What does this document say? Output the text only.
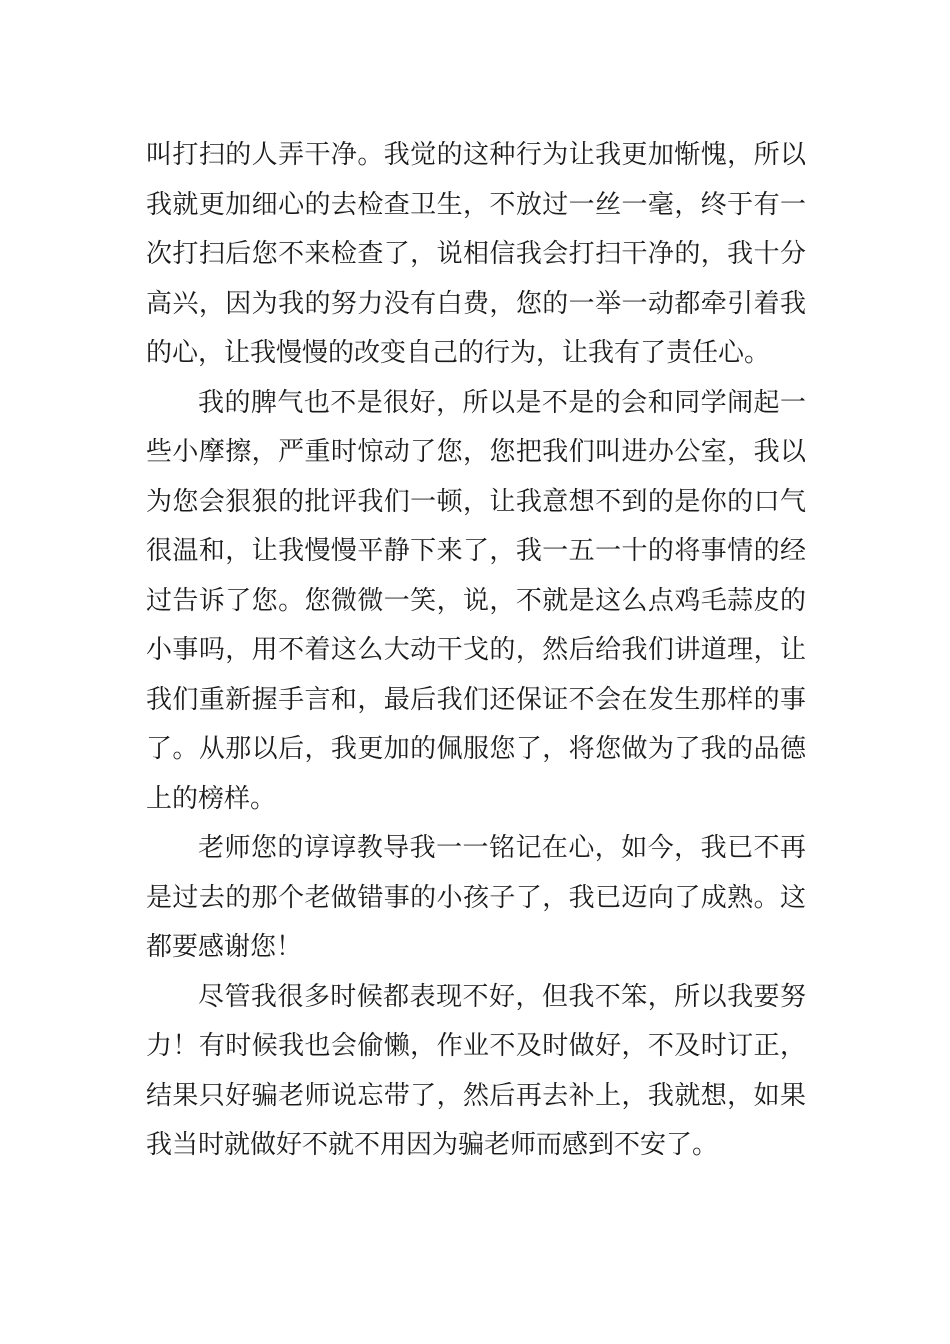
叫打扫的人弄干净。我觉的这种行为让我更加惭愧，所以
我就更加细心的去检查卫生，不放过一丝一毫，终于有一
次打扫后您不来检查了，说相信我会打扫干净的，我十分
高兴，因为我的努力没有白费，您的一举一动都牵引着我
的心，让我慢慢的改变自己的行为，让我有了责任心。
我的脾气也不是很好，所以是不是的会和同学闹起一
些小摩擦，严重时惊动了您，您把我们叫进办公室，我以
为您会狠狠的批评我们一顿，让我意想不到的是你的口气
很温和，让我慢慢平静下来了，我一五一十的将事情的经
过告诉了您。您微微一笑，说，不就是这么点鸡毛蒜皮的
小事吗，用不着这么大动干戈的，然后给我们讲道理，让
我们重新握手言和，最后我们还保证不会在发生那样的事
了。从那以后，我更加的佩服您了，将您做为了我的品德
上的榜样。
老师您的谆谆教导我一一铭记在心，如今，我已不再
是过去的那个老做错事的小孩子了，我已迈向了成熟。这
都要感谢您！
尽管我很多时候都表现不好，但我不笨，所以我要努
力！有时候我也会偷懒，作业不及时做好，不及时订正，
结果只好骗老师说忘带了，然后再去补上，我就想，如果
我当时就做好不就不用因为骗老师而感到不安了。
